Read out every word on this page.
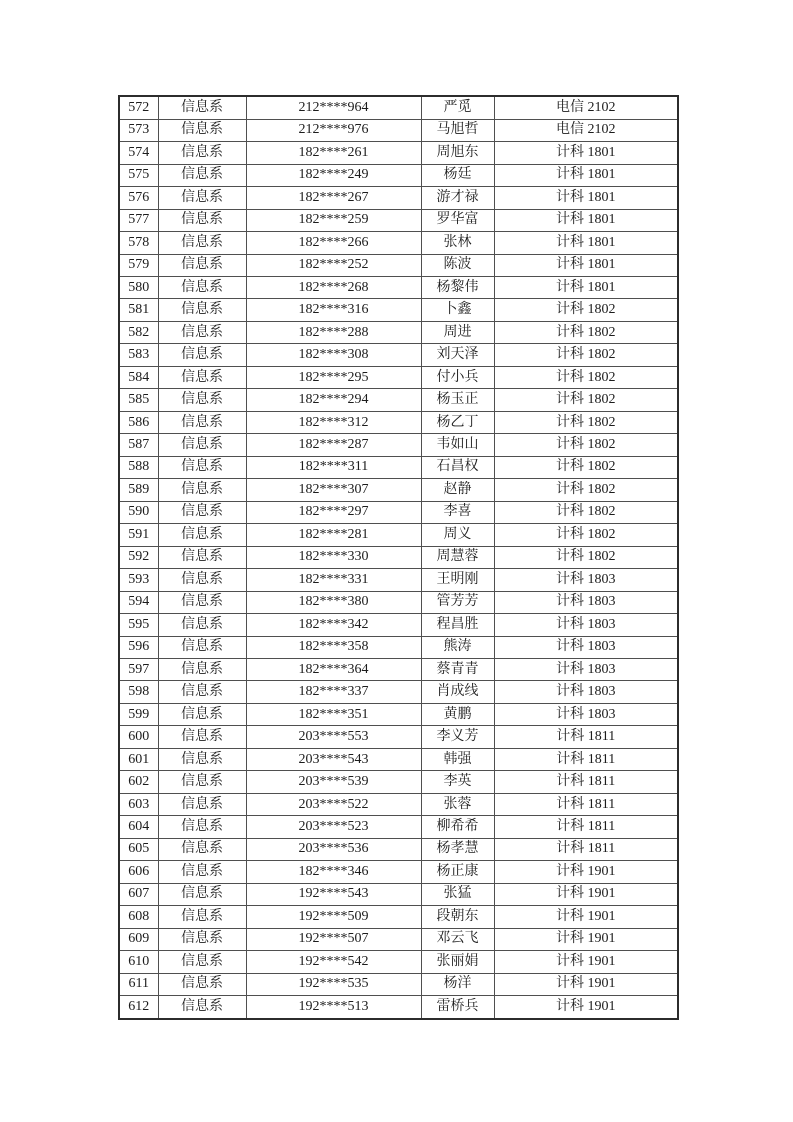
572	信息系	212****964	严觅	电信 2102
573	信息系	212****976	马旭哲	电信 2102
574	信息系	182****261	周旭东	计科 1801
575	信息系	182****249	杨廷	计科 1801
576	信息系	182****267	游才禄	计科 1801
577	信息系	182****259	罗华富	计科 1801
578	信息系	182****266	张林	计科 1801
579	信息系	182****252	陈波	计科 1801
580	信息系	182****268	杨黎伟	计科 1801
581	信息系	182****316	卜鑫	计科 1802
582	信息系	182****288	周进	计科 1802
583	信息系	182****308	刘天泽	计科 1802
584	信息系	182****295	付小兵	计科 1802
585	信息系	182****294	杨玉正	计科 1802
586	信息系	182****312	杨乙丁	计科 1802
587	信息系	182****287	韦如山	计科 1802
588	信息系	182****311	石昌权	计科 1802
589	信息系	182****307	赵静	计科 1802
590	信息系	182****297	李喜	计科 1802
591	信息系	182****281	周义	计科 1802
592	信息系	182****330	周慧蓉	计科 1802
593	信息系	182****331	王明刚	计科 1803
594	信息系	182****380	管芳芳	计科 1803
595	信息系	182****342	程昌胜	计科 1803
596	信息系	182****358	熊涛	计科 1803
597	信息系	182****364	蔡青青	计科 1803
598	信息系	182****337	肖成线	计科 1803
599	信息系	182****351	黄鹏	计科 1803
600	信息系	203****553	李义芳	计科 1811
601	信息系	203****543	韩强	计科 1811
602	信息系	203****539	李英	计科 1811
603	信息系	203****522	张蓉	计科 1811
604	信息系	203****523	柳希希	计科 1811
605	信息系	203****536	杨孝慧	计科 1811
606	信息系	182****346	杨正康	计科 1901
607	信息系	192****543	张猛	计科 1901
608	信息系	192****509	段朝东	计科 1901
609	信息系	192****507	邓云飞	计科 1901
610	信息系	192****542	张丽娟	计科 1901
611	信息系	192****535	杨洋	计科 1901
612	信息系	192****513	雷桥兵	计科 1901
